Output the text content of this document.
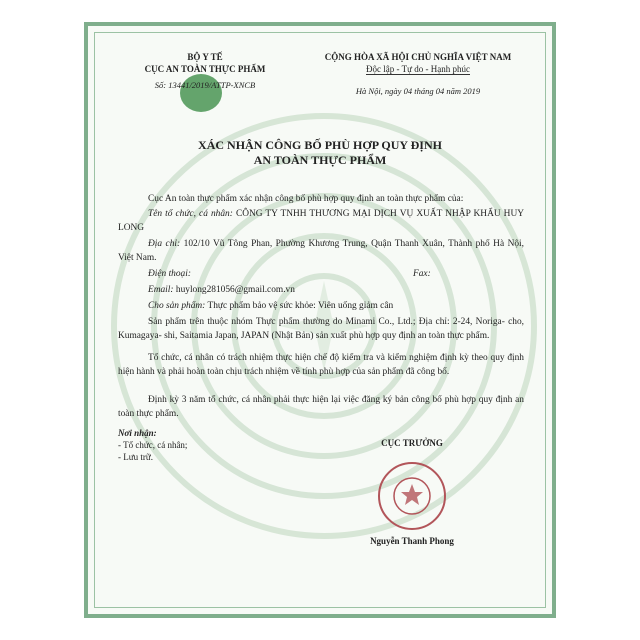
BỘ Y TẾ
CỤC AN TOÀN THỰC PHẨM
Số: 13441/2019/ATTP-XNCB
CỘNG HÒA XÃ HỘI CHỦ NGHĨA VIỆT NAM
Độc lập - Tự do - Hạnh phúc
Hà Nội, ngày 04 tháng 04 năm 2019
XÁC NHẬN CÔNG BỐ PHÙ HỢP QUY ĐỊNH
AN TOÀN THỰC PHẨM
Cục An toàn thực phẩm xác nhận công bố phù hợp quy định an toàn thực phẩm của:
Tên tổ chức, cá nhân: CÔNG TY TNHH THƯƠNG MẠI DỊCH VỤ XUẤT NHẬP KHẨU HUY LONG
Địa chỉ: 102/10 Vũ Tông Phan, Phường Khương Trung, Quận Thanh Xuân, Thành phố Hà Nội, Việt Nam.
Điện thoại:	Fax:
Email: huylong281056@gmail.com.vn
Cho sản phẩm: Thực phẩm bảo vệ sức khỏe: Viên uống giảm cân
Sản phẩm trên thuộc nhóm Thực phẩm thường do Minami Co., Ltd.; Địa chỉ: 2-24, Noriga- cho, Kumagaya- shi, Saitamia Japan, JAPAN (Nhật Bản) sản xuất phù hợp quy định an toàn thực phẩm.
Tổ chức, cá nhân có trách nhiệm thực hiện chế độ kiểm tra và kiểm nghiệm định kỳ theo quy định hiện hành và phải hoàn toàn chịu trách nhiệm về tính phù hợp của sản phẩm đã công bố.
Định kỳ 3 năm tổ chức, cá nhân phải thực hiện lại việc đăng ký bản công bố phù hợp quy định an toàn thực phẩm.
Nơi nhận:
- Tổ chức, cá nhân;
- Lưu trữ.
CỤC TRƯỞNG
Nguyễn Thanh Phong
